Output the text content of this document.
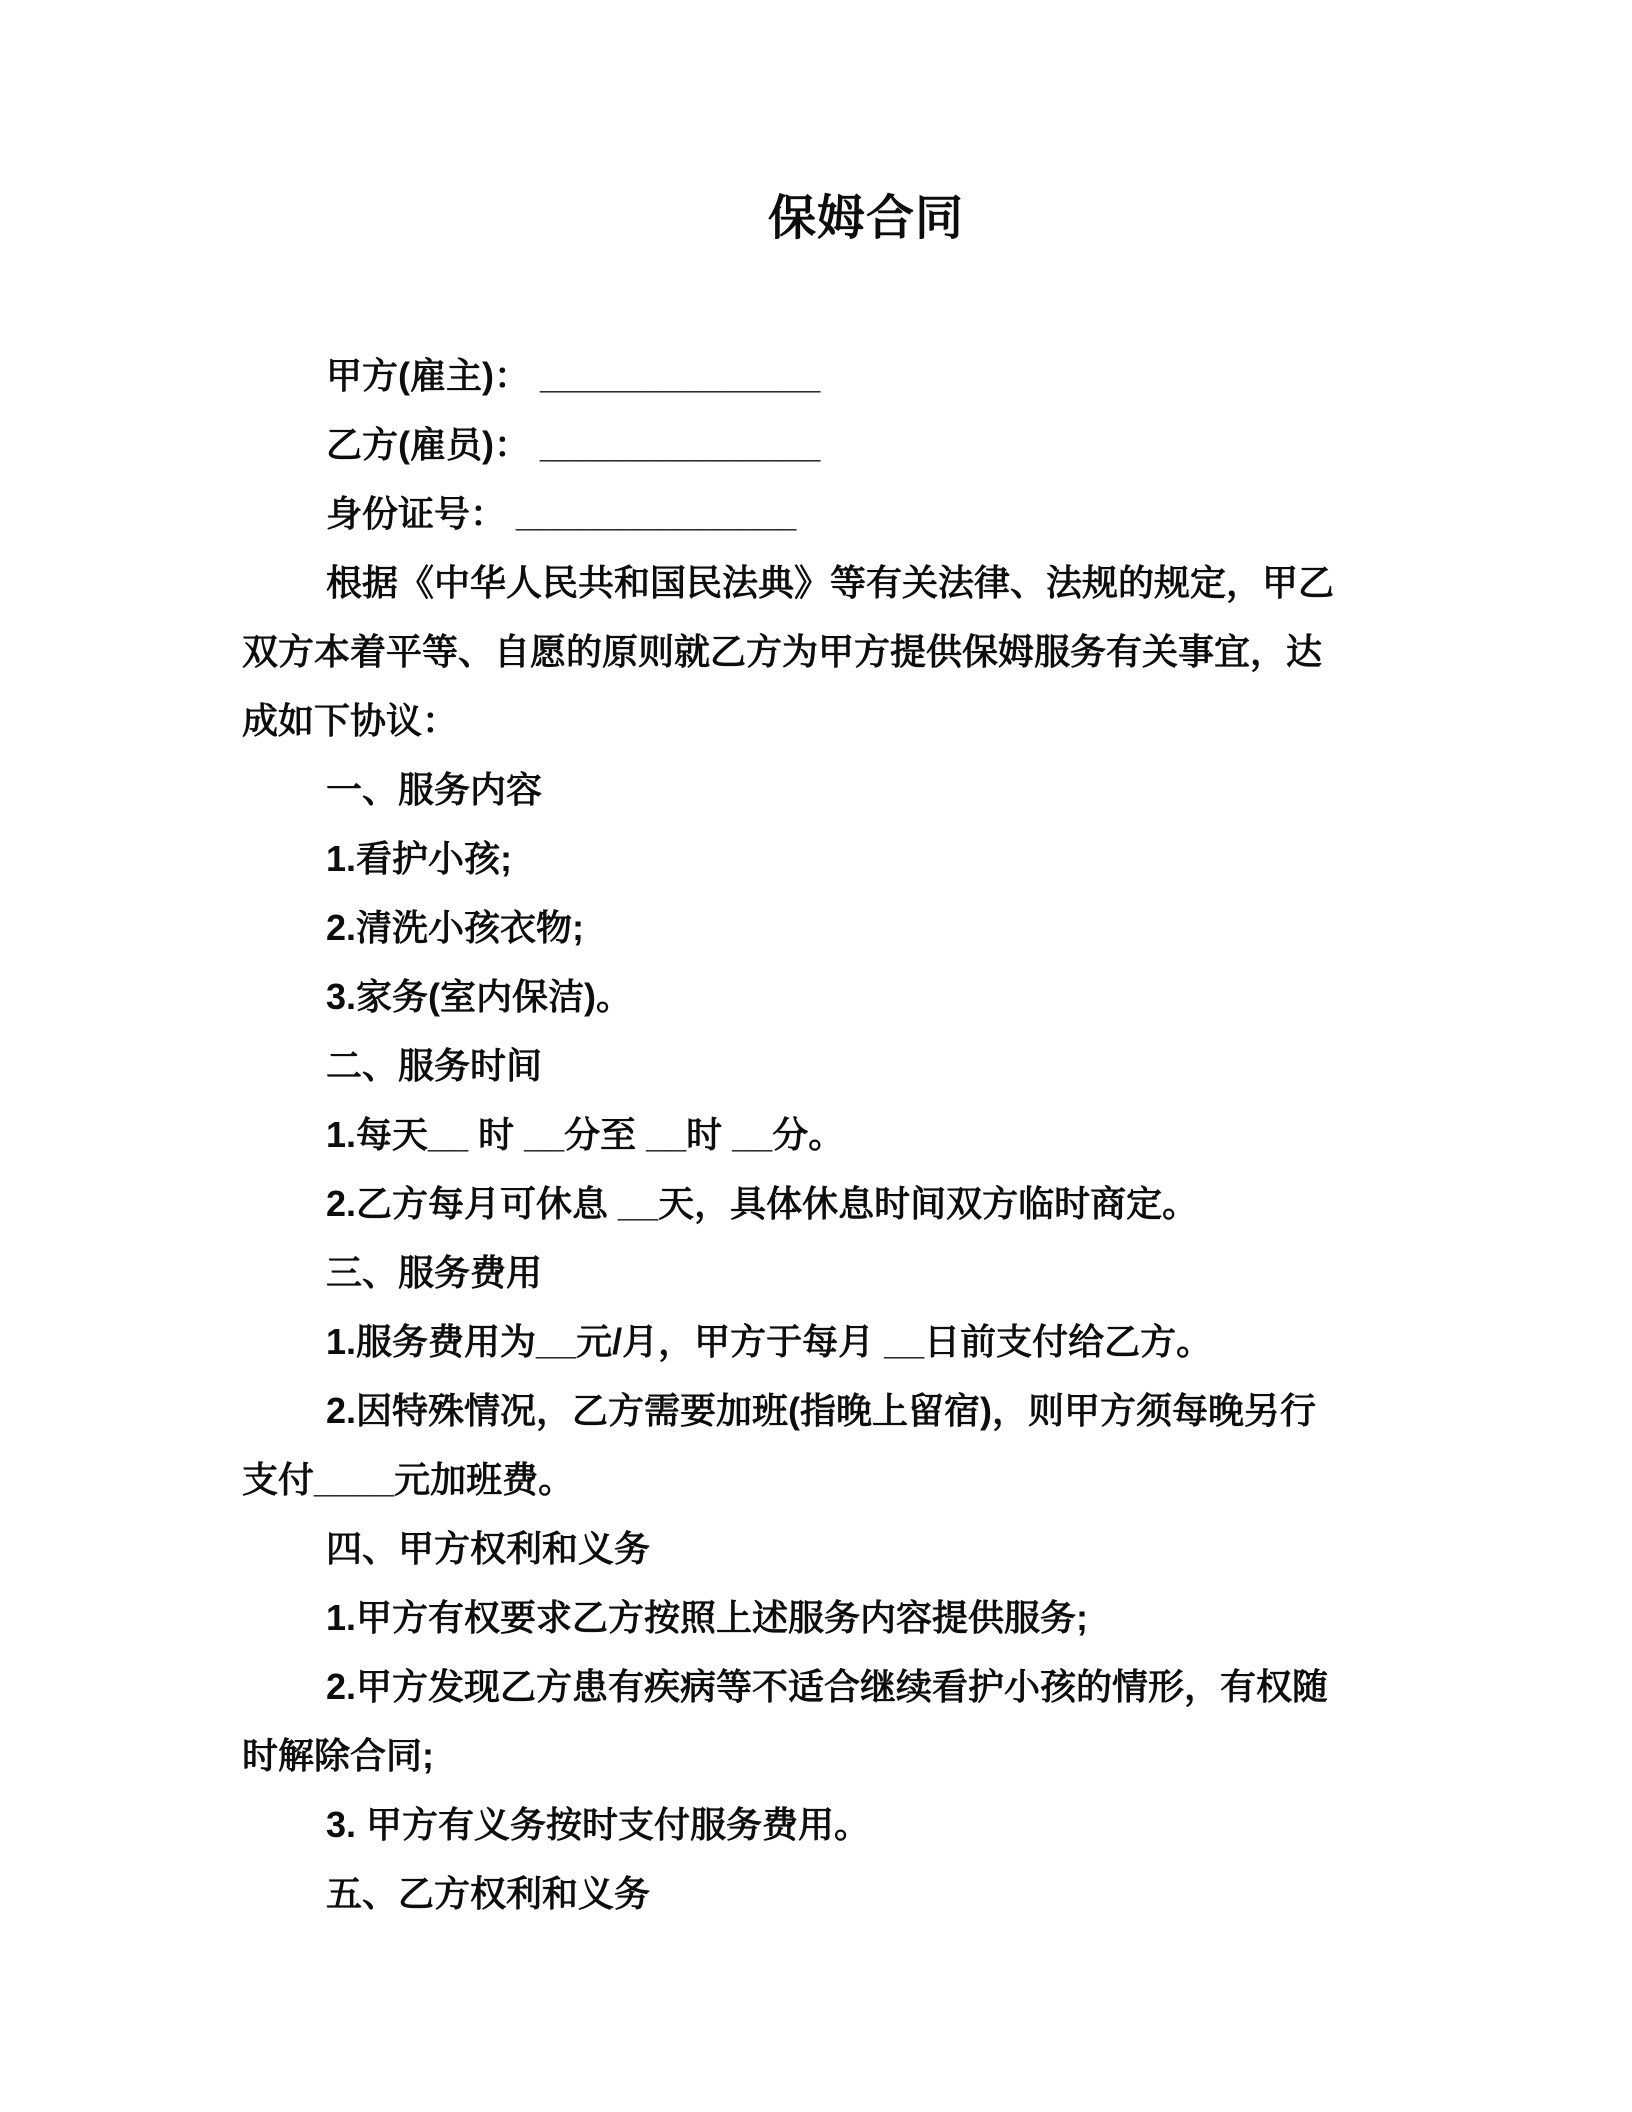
保姆合同
甲方(雇主)： ______________
乙方(雇员)： ______________
身份证号： ______________
根据《中华人民共和国民法典》等有关法律、法规的规定，甲乙
双方本着平等、自愿的原则就乙方为甲方提供保姆服务有关事宜，达
成如下协议：
一、服务内容
1.看护小孩;
2.清洗小孩衣物;
3.家务(室内保洁)。
二、服务时间
1.每天__ 时 __分至 __时 __分。
2.乙方每月可休息 __天，具体休息时间双方临时商定。
三、服务费用
1.服务费用为__元/月，甲方于每月 __日前支付给乙方。
2.因特殊情况，乙方需要加班(指晚上留宿)，则甲方须每晚另行
支付____元加班费。
四、甲方权利和义务
1.甲方有权要求乙方按照上述服务内容提供服务;
2.甲方发现乙方患有疾病等不适合继续看护小孩的情形，有权随
时解除合同;
3. 甲方有义务按时支付服务费用。
五、乙方权利和义务
